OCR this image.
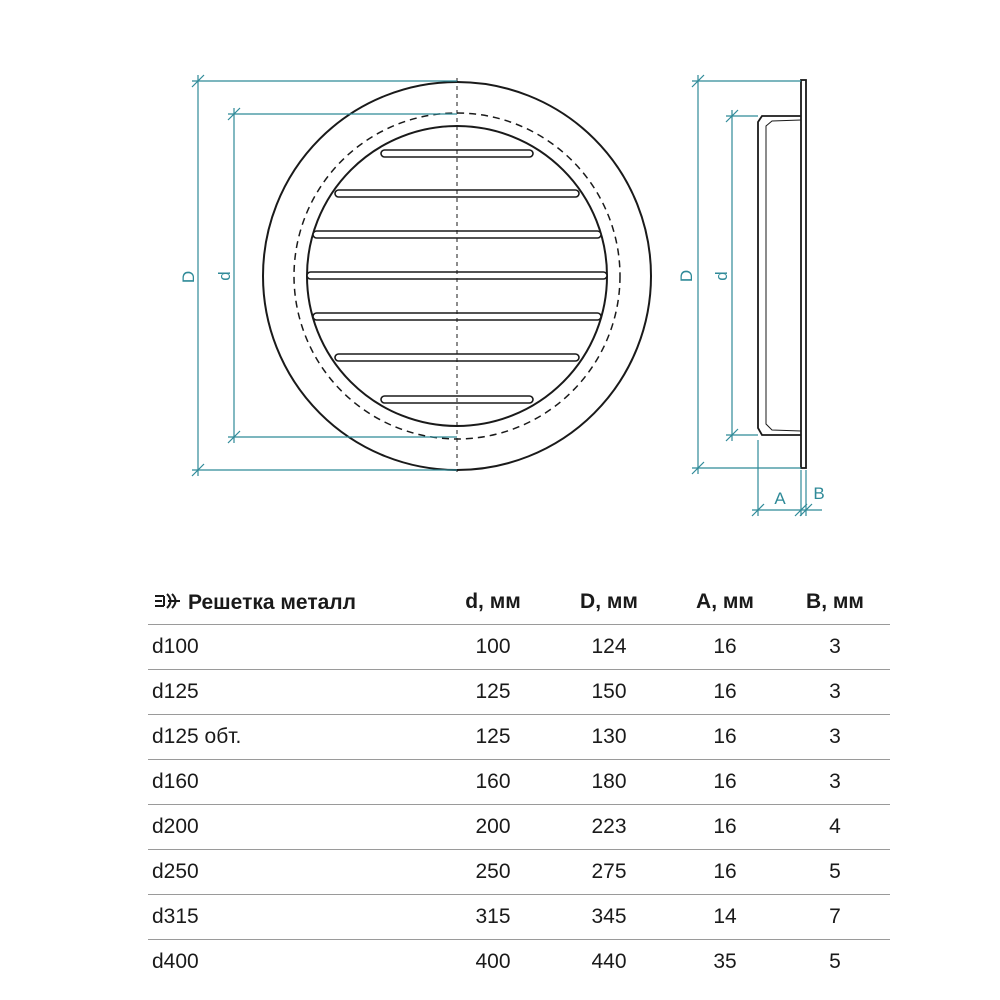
D d	D d
A B
Решетка металл	d, мм	D, мм	A, мм	B, мм
d100	100	124	16	3
d125	125	150	16	3
d125 обт.	125	130	16	3
d160	160	180	16	3
d200	200	223	16	4
d250	250	275	16	5
d315	315	345	14	7
d400	400	440	35	5
